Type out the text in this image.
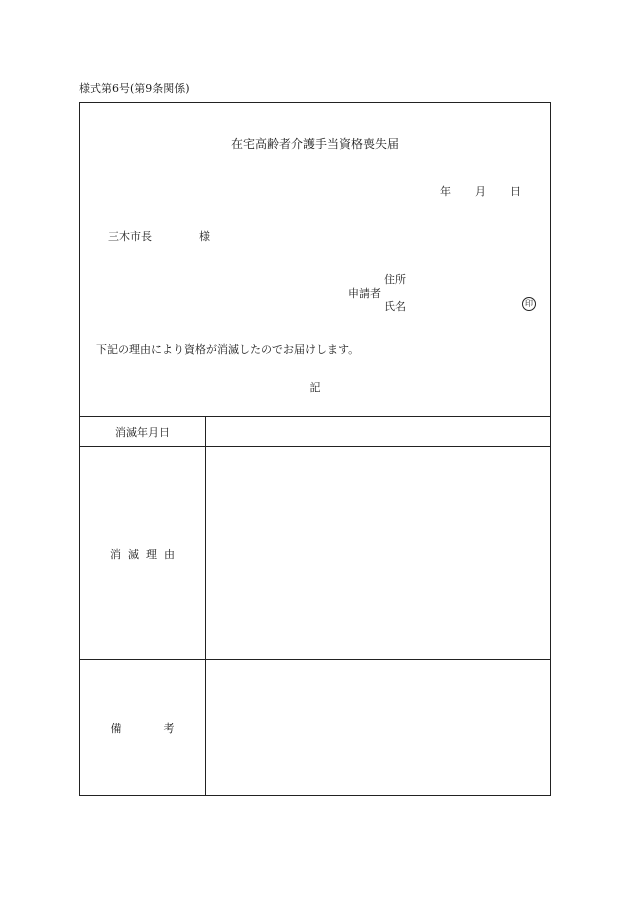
様式第6号(第9条関係)
在宅高齢者介護手当資格喪失届
年 月 日
三木市長	様
住所
申請者
氏名	印
下記の理由により資格が消滅したのでお届けします。
記
消滅年月日
消滅理由
備	考
